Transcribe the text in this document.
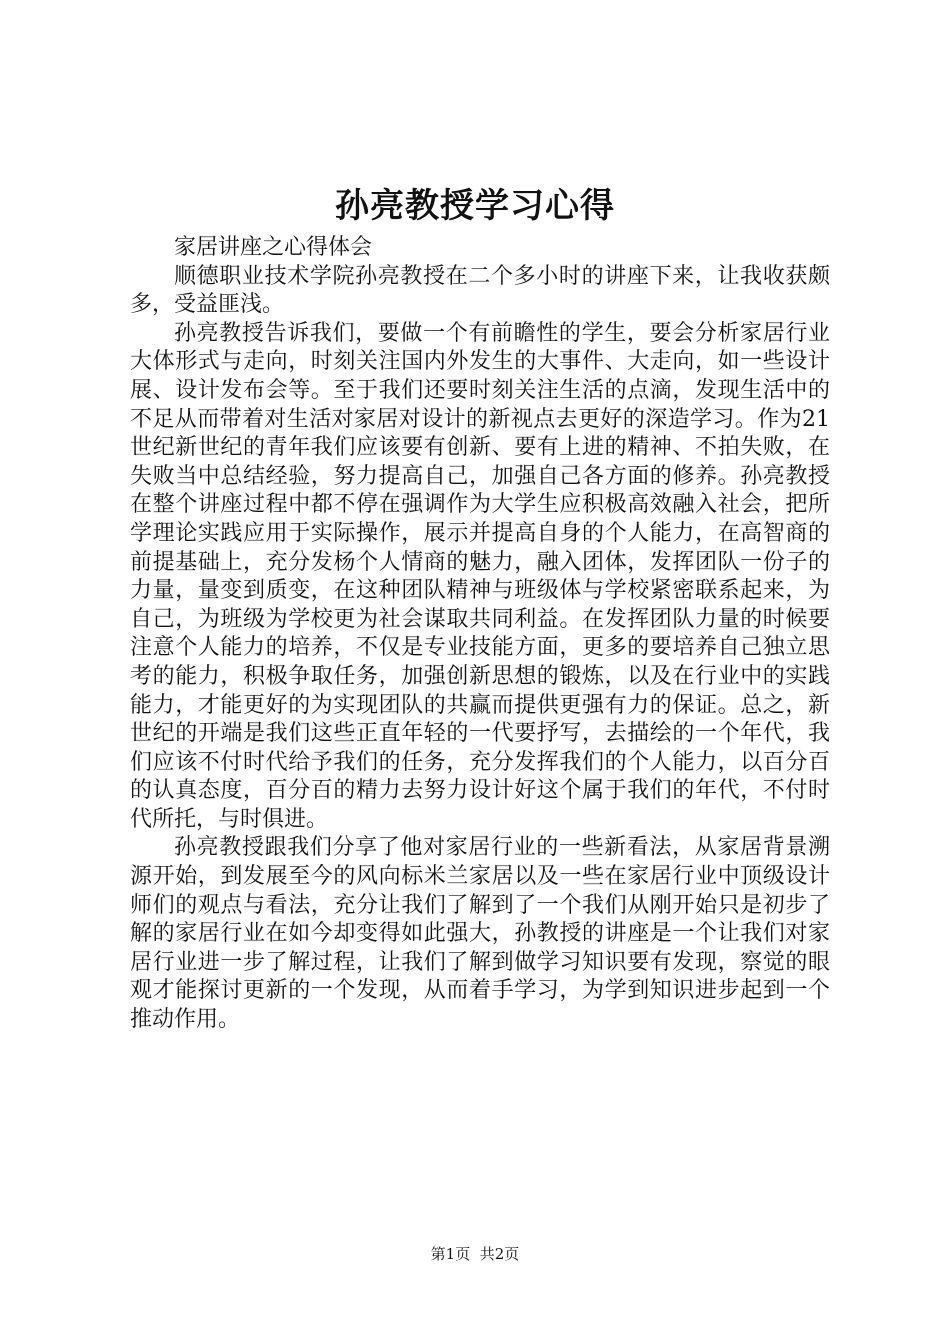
孙亮教授学习心得

家居讲座之心得体会

顺德职业技术学院孙亮教授在二个多小时的讲座下来，让我收获颇多，受益匪浅。

孙亮教授告诉我们，要做一个有前瞻性的学生，要会分析家居行业大体形式与走向，时刻关注国内外发生的大事件、大走向，如一些设计展、设计发布会等。至于我们还要时刻关注生活的点滴，发现生活中的不足从而带着对生活对家居对设计的新视点去更好的深造学习。作为21世纪新世纪的青年我们应该要有创新、要有上进的精神、不拍失败，在失败当中总结经验，努力提高自己，加强自己各方面的修养。孙亮教授在整个讲座过程中都不停在强调作为大学生应积极高效融入社会，把所学理论实践应用于实际操作，展示并提高自身的个人能力，在高智商的前提基础上，充分发杨个人情商的魅力，融入团体，发挥团队一份子的力量，量变到质变，在这种团队精神与班级体与学校紧密联系起来，为自己，为班级为学校更为社会谋取共同利益。在发挥团队力量的时候要注意个人能力的培养，不仅是专业技能方面，更多的要培养自己独立思考的能力，积极争取任务，加强创新思想的锻炼，以及在行业中的实践能力，才能更好的为实现团队的共赢而提供更强有力的保证。总之，新世纪的开端是我们这些正直年轻的一代要抒写，去描绘的一个年代，我们应该不付时代给予我们的任务，充分发挥我们的个人能力，以百分百的认真态度，百分百的精力去努力设计好这个属于我们的年代，不付时代所托，与时俱进。

孙亮教授跟我们分享了他对家居行业的一些新看法，从家居背景溯源开始，到发展至今的风向标米兰家居以及一些在家居行业中顶级设计师们的观点与看法，充分让我们了解到了一个我们从刚开始只是初步了解的家居行业在如今却变得如此强大，孙教授的讲座是一个让我们对家居行业进一步了解过程，让我们了解到做学习知识要有发现，察觉的眼观才能探讨更新的一个发现，从而着手学习，为学到知识进步起到一个推动作用。

第1页 共2页
